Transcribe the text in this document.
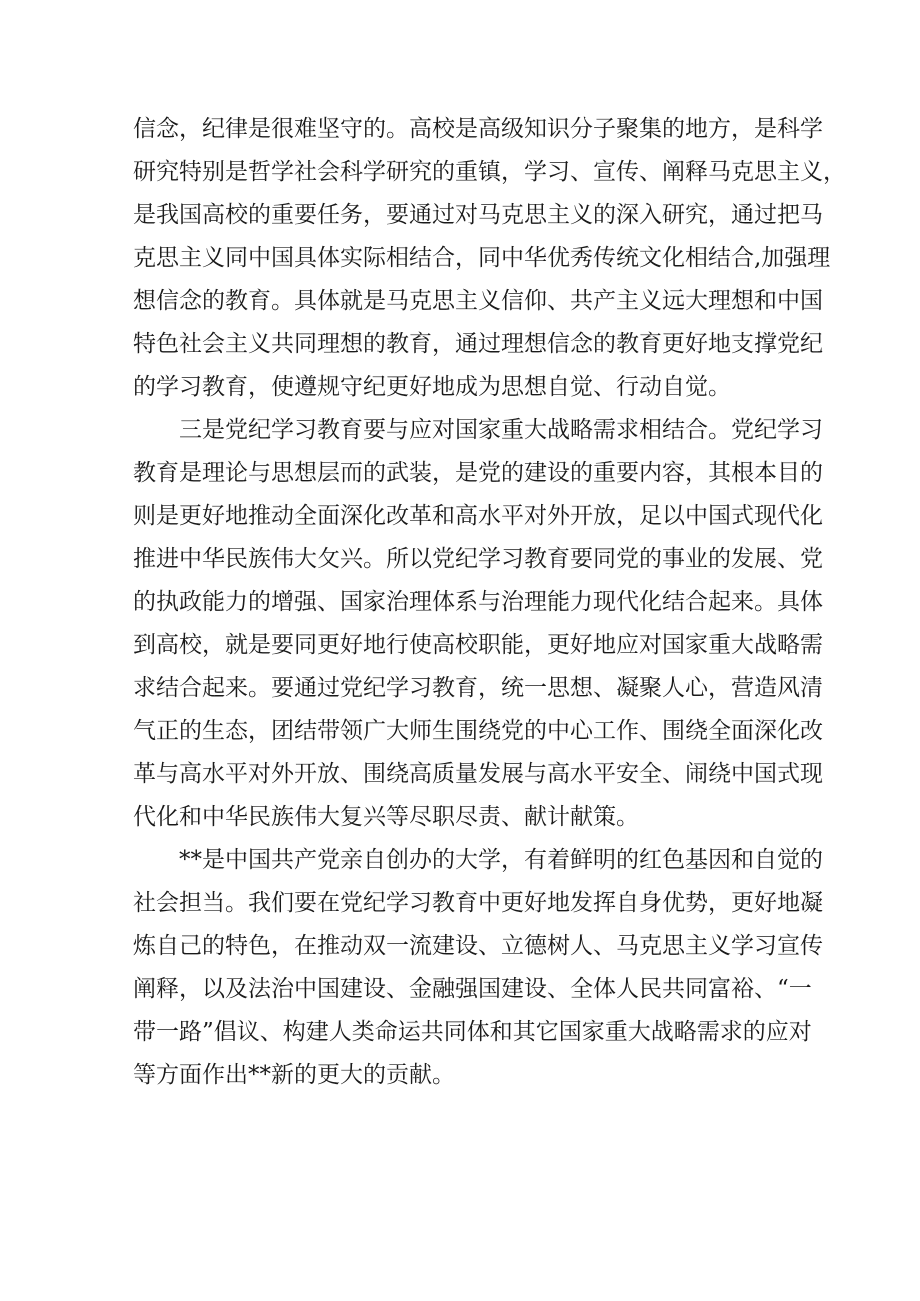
信念，纪律是很难坚守的。高校是高级知识分子聚集的地方，是科学
研究特别是哲学社会科学研究的重镇，学习、宣传、阐释马克思主义，
是我国高校的重要任务，要通过对马克思主义的深入研究，通过把马
克思主义同中国具体实际相结合，同中华优秀传统文化相结合,加强理
想信念的教育。具体就是马克思主义信仰、共产主义远大理想和中国
特色社会主义共同理想的教育，通过理想信念的教育更好地支撑党纪
的学习教育，使遵规守纪更好地成为思想自觉、行动自觉。
三是党纪学习教育要与应对国家重大战略需求相结合。党纪学习
教育是理论与思想层而的武装，是党的建设的重要内容，其根本目的
则是更好地推动全面深化改革和高水平对外开放，足以中国式现代化
推进中华民族伟大攵兴。所以党纪学习教育要同党的事业的发展、党
的执政能力的增强、国家治理体系与治理能力现代化结合起来。具体
到高校，就是要同更好地行使高校职能，更好地应对国家重大战略需
求结合起来。要通过党纪学习教育，统一思想、凝聚人心，营造风清
气正的生态，团结带领广大师生围绕党的中心工作、围绕全面深化改
革与高水平对外开放、围绕高质量发展与高水平安全、闹绕中国式现
代化和中华民族伟大复兴等尽职尽责、献计献策。
**是中国共产党亲自创办的大学，有着鲜明的红色基因和自觉的
社会担当。我们要在党纪学习教育中更好地发挥自身优势，更好地凝
炼自己的特色，在推动双一流建设、立德树人、马克思主义学习宣传
阐释，以及法治中国建设、金融强国建设、全体人民共同富裕、“一
带一路”倡议、构建人类命运共同体和其它国家重大战略需求的应对
等方面作出**新的更大的贡献。
